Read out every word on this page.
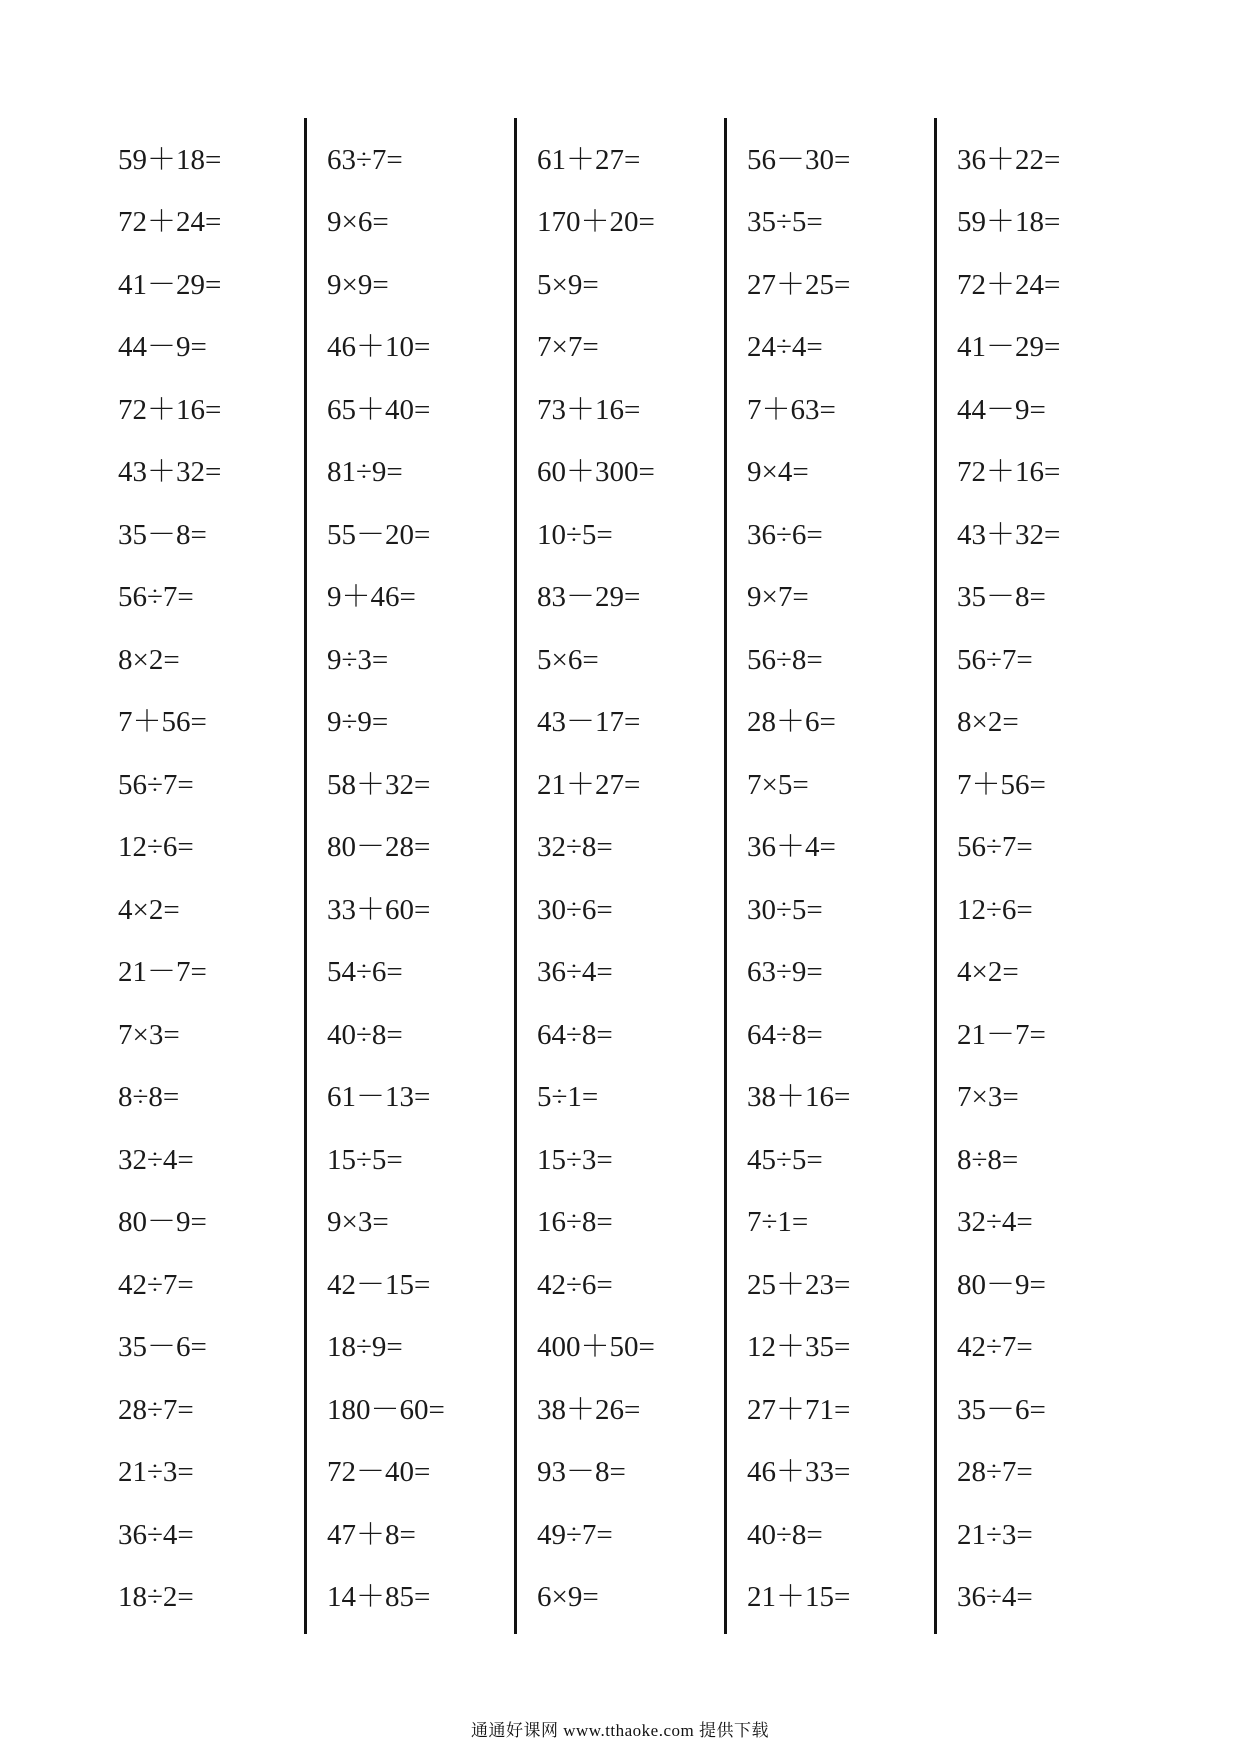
59＋18=
72＋24=
41－29=
44－9=
72＋16=
43＋32=
35－8=
56÷7=
8×2=
7＋56=
56÷7=
12÷6=
4×2=
21－7=
7×3=
8÷8=
32÷4=
80－9=
42÷7=
35－6=
28÷7=
21÷3=
36÷4=
18÷2=
63÷7=
9×6=
9×9=
46＋10=
65＋40=
81÷9=
55－20=
9＋46=
9÷3=
9÷9=
58＋32=
80－28=
33＋60=
54÷6=
40÷8=
61－13=
15÷5=
9×3=
42－15=
18÷9=
180－60=
72－40=
47＋8=
14＋85=
61＋27=
170＋20=
5×9=
7×7=
73＋16=
60＋300=
10÷5=
83－29=
5×6=
43－17=
21＋27=
32÷8=
30÷6=
36÷4=
64÷8=
5÷1=
15÷3=
16÷8=
42÷6=
400＋50=
38＋26=
93－8=
49÷7=
6×9=
56－30=
35÷5=
27＋25=
24÷4=
7＋63=
9×4=
36÷6=
9×7=
56÷8=
28＋6=
7×5=
36＋4=
30÷5=
63÷9=
64÷8=
38＋16=
45÷5=
7÷1=
25＋23=
12＋35=
27＋71=
46＋33=
40÷8=
21＋15=
36＋22=
59＋18=
72＋24=
41－29=
44－9=
72＋16=
43＋32=
35－8=
56÷7=
8×2=
7＋56=
56÷7=
12÷6=
4×2=
21－7=
7×3=
8÷8=
32÷4=
80－9=
42÷7=
35－6=
28÷7=
21÷3=
36÷4=
通通好课网 www.tthaoke.com 提供下载
